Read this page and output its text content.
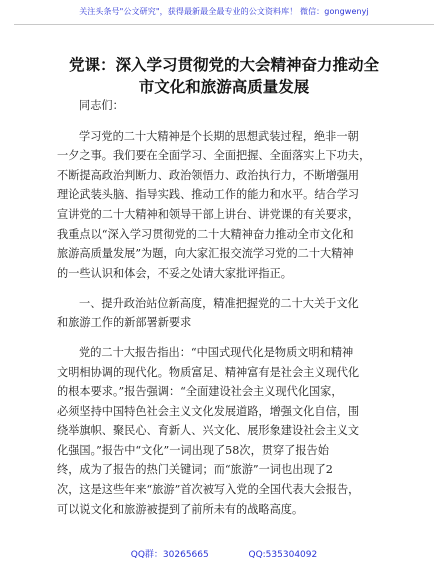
关注头条号"公文研究"，获得最新最全最专业的公文资料库！ 微信：gongwenyj
党课：深入学习贯彻党的大会精神奋力推动全
市文化和旅游高质量发展

同志们：

学习党的二十大精神是个长期的思想武装过程，绝非一朝
一夕之事。我们要在全面学习、全面把握、全面落实上下功夫，
不断提高政治判断力、政治领悟力、政治执行力，不断增强用
理论武装头脑、指导实践、推动工作的能力和水平。结合学习
宣讲党的二十大精神和领导干部上讲台、讲党课的有关要求，
我重点以“深入学习贯彻党的二十大精神奋力推动全市文化和
旅游高质量发展”为题，向大家汇报交流学习党的二十大精神
的一些认识和体会，不妥之处请大家批评指正。

一、提升政治站位新高度，精准把握党的二十大关于文化
和旅游工作的新部署新要求

党的二十大报告指出：“中国式现代化是物质文明和精神
文明相协调的现代化。物质富足、精神富有是社会主义现代化
的根本要求。”报告强调：“全面建设社会主义现代化国家，
必须坚持中国特色社会主义文化发展道路，增强文化自信，围
绕举旗帜、聚民心、育新人、兴文化、展形象建设社会主义文
化强国。”报告中“文化”一词出现了58次，贯穿了报告始
终，成为了报告的热门关键词；而“旅游”一词也出现了2
次，这是这些年来“旅游”首次被写入党的全国代表大会报告，
可以说文化和旅游被提到了前所未有的战略高度。

QQ群：30265665	QQ:535304092
